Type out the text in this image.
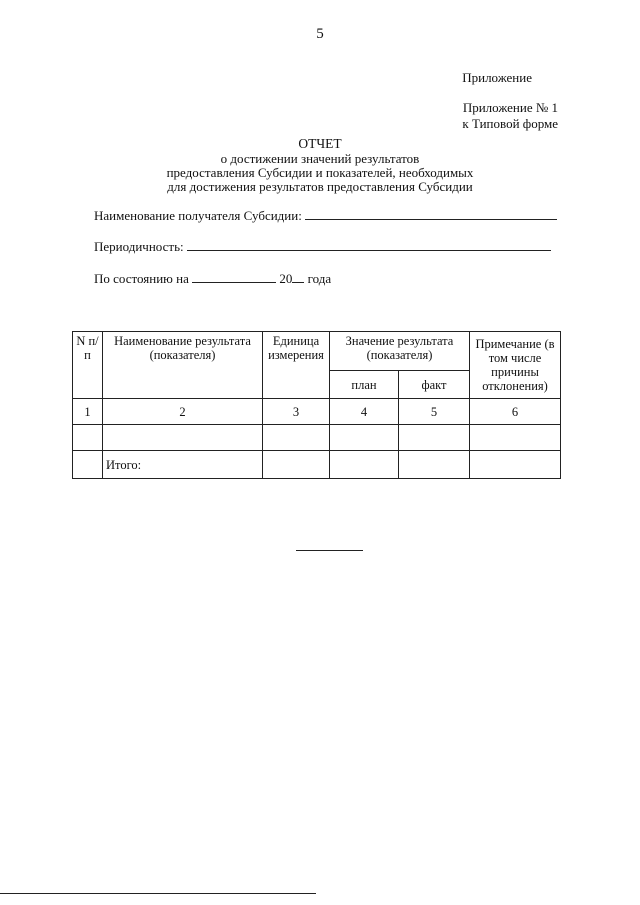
5
Приложение
Приложение № 1
к Типовой форме
ОТЧЕТ
о достижении значений результатов
предоставления Субсидии и показателей, необходимых
для достижения результатов предоставления Субсидии
Наименование получателя Субсидии:
Периодичность:
По состоянию на	20 года
N п/п	Наименование результата (показателя)	Единица измерения	Значение результата (показателя)		Примечание (в том числе причины отклонения)
			план	факт	
1	2	3	4	5	6

	Итого:				
